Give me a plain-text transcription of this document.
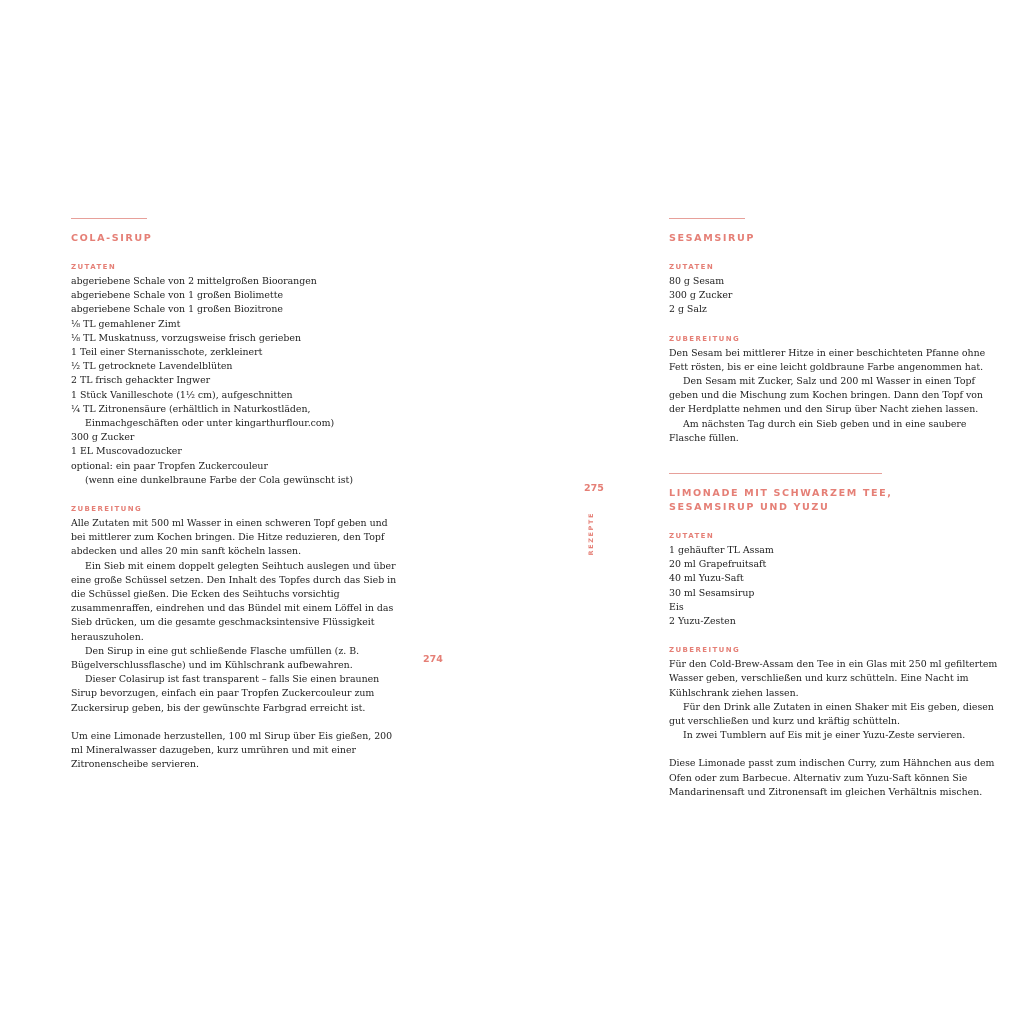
COLA-SIRUP
ZUTATEN

abgeriebene Schale von 2 mittelgroßen Bioorangen

abgeriebene Schale von 1 großen Biolimette

abgeriebene Schale von 1 großen Biozitrone

⅛ TL gemahlener Zimt

⅛ TL Muskatnuss, vorzugsweise frisch gerieben

1 Teil einer Sternanisschote, zerkleinert

½ TL getrocknete Lavendelblüten

2 TL frisch gehackter Ingwer

1 Stück Vanilleschote (1½ cm), aufgeschnitten

¼ TL Zitronensäure (erhältlich in Naturkostläden,

Einmachgeschäften oder unter kingarthurflour.com)

300 g Zucker

1 EL Muscovadozucker

optional: ein paar Tropfen Zuckercouleur

(wenn eine dunkelbraune Farbe der Cola gewünscht ist)

ZUBEREITUNG

Alle Zutaten mit 500 ml Wasser in einen schweren Topf geben und bei mittlerer zum Kochen bringen. Die Hitze reduzieren, den Topf abdecken und alles 20 min sanft köcheln lassen.

Ein Sieb mit einem doppelt gelegten Seihtuch auslegen und über eine große Schüssel setzen. Den Inhalt des Topfes durch das Sieb in die Schüssel gießen. Die Ecken des Seihtuchs vorsichtig zusammenraffen, eindrehen und das Bündel mit einem Löffel in das Sieb drücken, um die gesamte geschmacksintensive Flüssigkeit herauszuholen.

Den Sirup in eine gut schließende Flasche umfüllen (z. B. Bügelverschlussflasche) und im Kühlschrank aufbewahren.

Dieser Colasirup ist fast transparent – falls Sie einen braunen Sirup bevorzugen, einfach ein paar Tropfen Zuckercouleur zum Zuckersirup geben, bis der gewünschte Farbgrad erreicht ist.

Um eine Limonade herzustellen, 100 ml Sirup über Eis gießen, 200 ml Mineralwasser dazugeben, kurz umrühren und mit einer Zitronenscheibe servieren.

274
275
REZEPTE
SESAMSIRUP
ZUTATEN

80 g Sesam

300 g Zucker

2 g Salz

ZUBEREITUNG

Den Sesam bei mittlerer Hitze in einer beschichteten Pfanne ohne Fett rösten, bis er eine leicht goldbraune Farbe angenommen hat.

Den Sesam mit Zucker, Salz und 200 ml Wasser in einen Topf geben und die Mischung zum Kochen bringen. Dann den Topf von der Herdplatte nehmen und den Sirup über Nacht ziehen lassen.

Am nächsten Tag durch ein Sieb geben und in eine saubere Flasche füllen.

LIMONADE MIT SCHWARZEM TEE,
SESAMSIRUP UND YUZU
ZUTATEN

1 gehäufter TL Assam

20 ml Grapefruitsaft

40 ml Yuzu-Saft

30 ml Sesamsirup

Eis

2 Yuzu-Zesten

ZUBEREITUNG

Für den Cold-Brew-Assam den Tee in ein Glas mit 250 ml gefiltertem Wasser geben, verschließen und kurz schütteln. Eine Nacht im Kühlschrank ziehen lassen.

Für den Drink alle Zutaten in einen Shaker mit Eis geben, diesen gut verschließen und kurz und kräftig schütteln.

In zwei Tumblern auf Eis mit je einer Yuzu-Zeste servieren.

Diese Limonade passt zum indischen Curry, zum Hähnchen aus dem Ofen oder zum Barbecue. Alternativ zum Yuzu-Saft können Sie Mandarinensaft und Zitronensaft im gleichen Verhältnis mischen.
